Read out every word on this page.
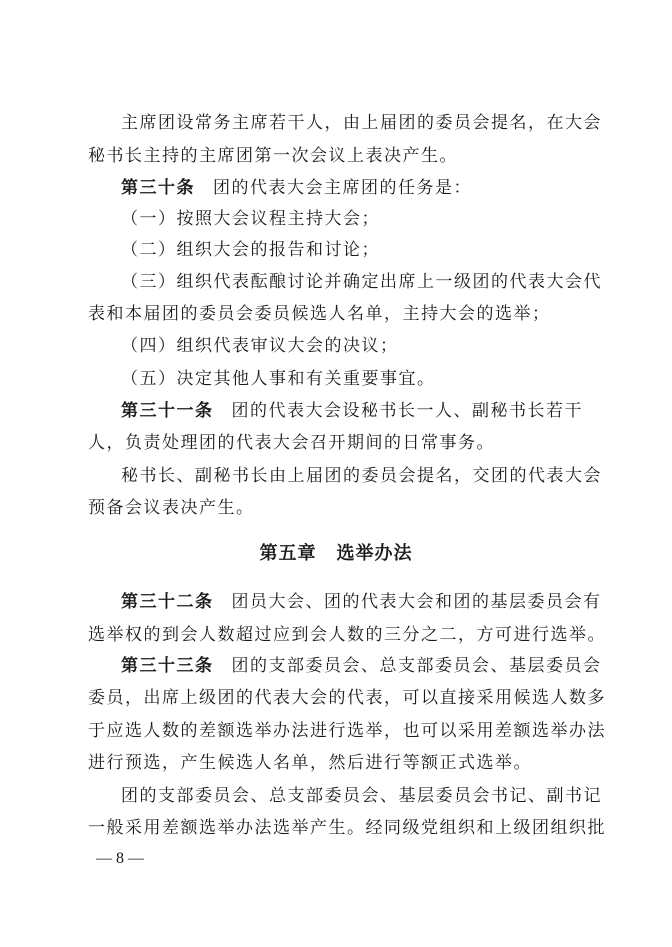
主席团设常务主席若干人，由上届团的委员会提名，在大会
秘书长主持的主席团第一次会议上表决产生。
第三十条 团的代表大会主席团的任务是：
（一）按照大会议程主持大会；
（二）组织大会的报告和讨论；
（三）组织代表酝酿讨论并确定出席上一级团的代表大会代
表和本届团的委员会委员候选人名单，主持大会的选举；
（四）组织代表审议大会的决议；
（五）决定其他人事和有关重要事宜。
第三十一条 团的代表大会设秘书长一人、副秘书长若干
人，负责处理团的代表大会召开期间的日常事务。
秘书长、副秘书长由上届团的委员会提名，交团的代表大会
预备会议表决产生。
第五章 选举办法
第三十二条 团员大会、团的代表大会和团的基层委员会有
选举权的到会人数超过应到会人数的三分之二，方可进行选举。
第三十三条 团的支部委员会、总支部委员会、基层委员会
委员，出席上级团的代表大会的代表，可以直接采用候选人数多
于应选人数的差额选举办法进行选举，也可以采用差额选举办法
进行预选，产生候选人名单，然后进行等额正式选举。
团的支部委员会、总支部委员会、基层委员会书记、副书记
一般采用差额选举办法选举产生。经同级党组织和上级团组织批
— 8 —
